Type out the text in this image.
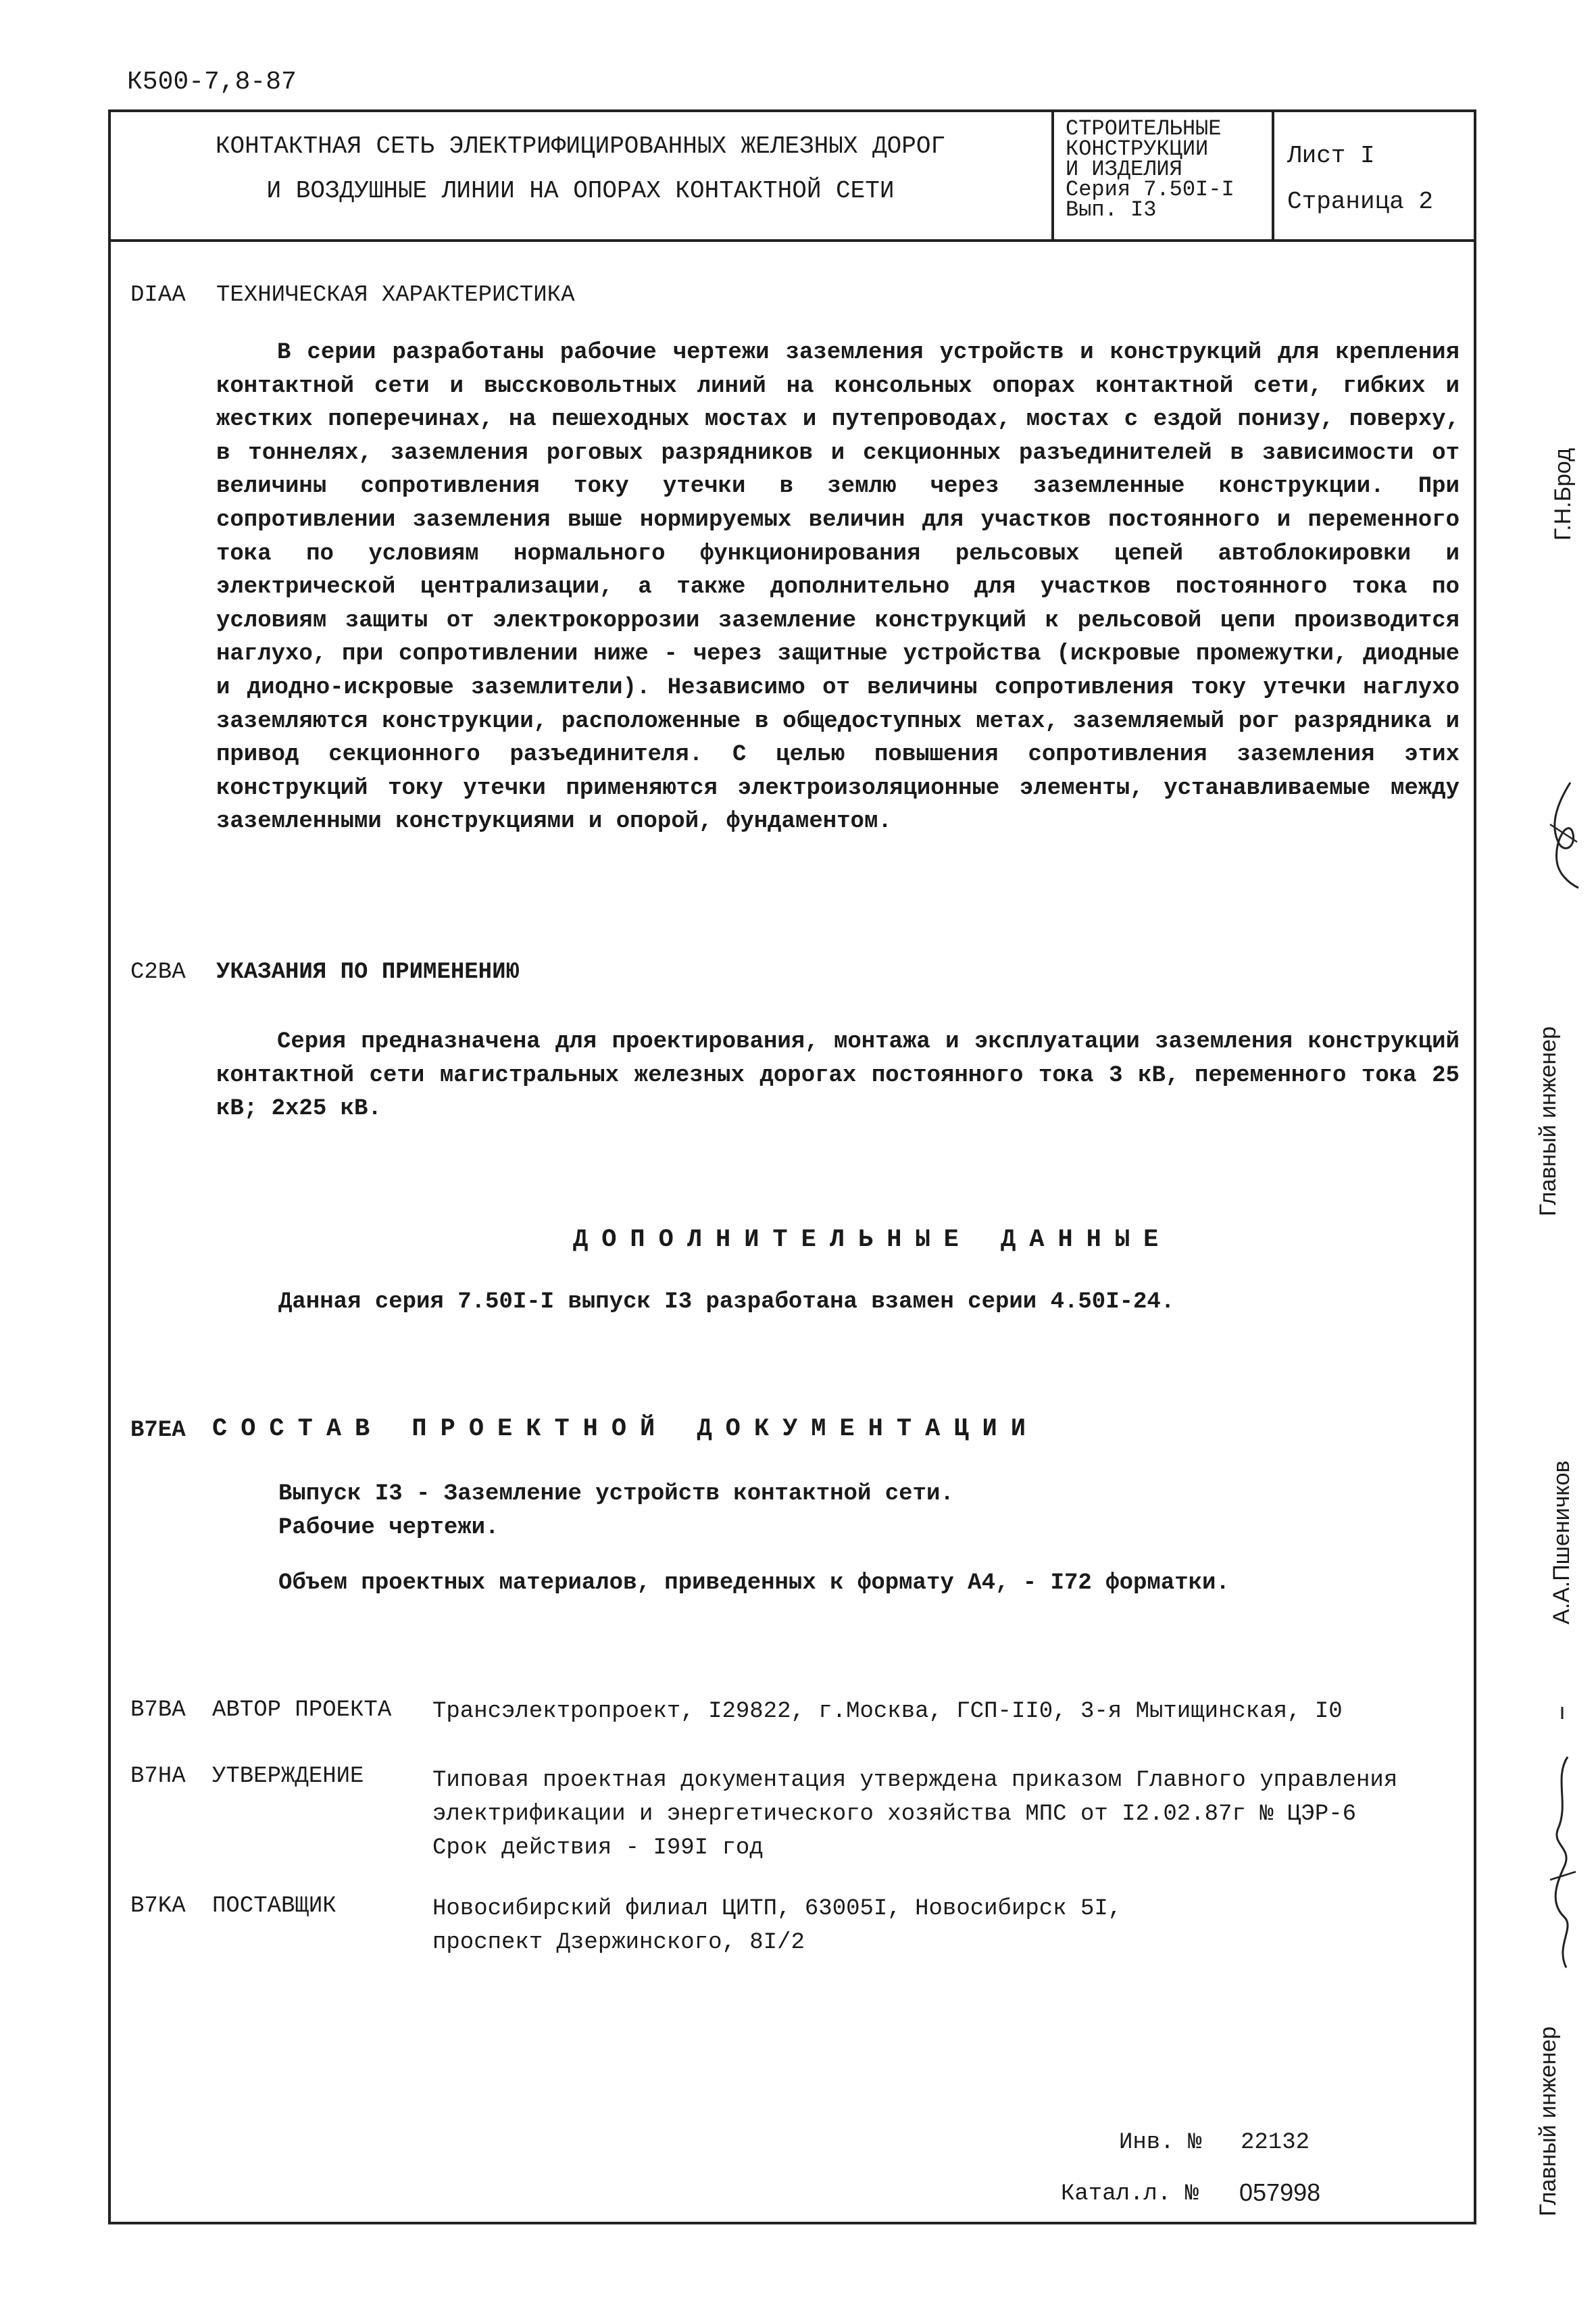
К500-7,8-87
КОНТАКТНАЯ СЕТЬ ЭЛЕКТРИФИЦИРОВАННЫХ ЖЕЛЕЗНЫХ ДОРОГ
И ВОЗДУШНЫЕ ЛИНИИ НА ОПОРАХ КОНТАКТНОЙ СЕТИ
СТРОИТЕЛЬНЫЕ
КОНСТРУКЦИИ
И ИЗДЕЛИЯ
Серия 7.50I-I
Вып. I3
Лист I
Страница 2
DIAA ТЕХНИЧЕСКАЯ ХАРАКТЕРИСТИКА

В серии разработаны рабочие чертежи заземления устройств и конструкций для крепления контактной сети и выссковольтных линий на консольных опорах контактной сети, гибких и жестких поперечинах, на пешеходных мостах и путепроводах, мостах с ездой понизу, поверху, в тоннелях, заземления роговых разрядников и секционных разъединителей в зависимости от величины сопротивления току утечки в землю через заземленные конструкции. При сопротивлении заземления выше нормируемых величин для участков постоянного и переменного тока по условиям нормального функционирования рельсовых цепей автоблокировки и электрической централизации, а также дополнительно для участков постоянного тока по условиям защиты от электрокоррозии заземление конструкций к рельсовой цепи производится наглухо, при сопротивлении ниже - через защитные устройства (искровые промежутки, диодные и диодно-искровые заземлители). Независимо от величины сопротивления току утечки наглухо заземляются конструкции, расположенные в общедоступных метах, заземляемый рог разрядника и привод секционного разъединителя. С целью повышения сопротивления заземления этих конструкций току утечки применяются электроизоляционные элементы, устанавливаемые между заземленными конструкциями и опорой, фундаментом.

C2BA УКАЗАНИЯ ПО ПРИМЕНЕНИЮ

Серия предназначена для проектирования, монтажа и эксплуатации заземления конструкций контактной сети магистральных железных дорогах постоянного тока 3 кВ, переменного тока 25 кВ; 2х25 кВ.

ДОПОЛНИТЕЛЬНЫЕ ДАННЫЕ
Данная серия 7.50I-I выпуск I3 разработана взамен серии 4.50I-24.
B7EA СОСТАВ ПРОЕКТНОЙ ДОКУМЕНТАЦИИ
Выпуск I3 - Заземление устройств контактной сети.
Рабочие чертежи.
Объем проектных материалов, приведенных к формату А4, - I72 форматки.
B7BA АВТОР ПРОЕКТА Трансэлектропроект, I29822, г.Москва, ГСП-II0, 3-я Мытищинская, I0
B7HA УТВЕРЖДЕНИЕ	Типовая проектная документация утверждена приказом Главного управления
электрификации и энергетического хозяйства МПС от I2.02.87г № ЦЭР-6
Срок действия - I99I год
B7KA ПОСТАВЩИК	Новосибирский филиал ЦИТП, 63005I, Новосибирск 5I,
проспект Дзержинского, 8I/2
Инв. № 22132
Катал.л. № 057998
Г.Н.Брод
Главный инженер
А.А.Пшеничков
Главный инженер
